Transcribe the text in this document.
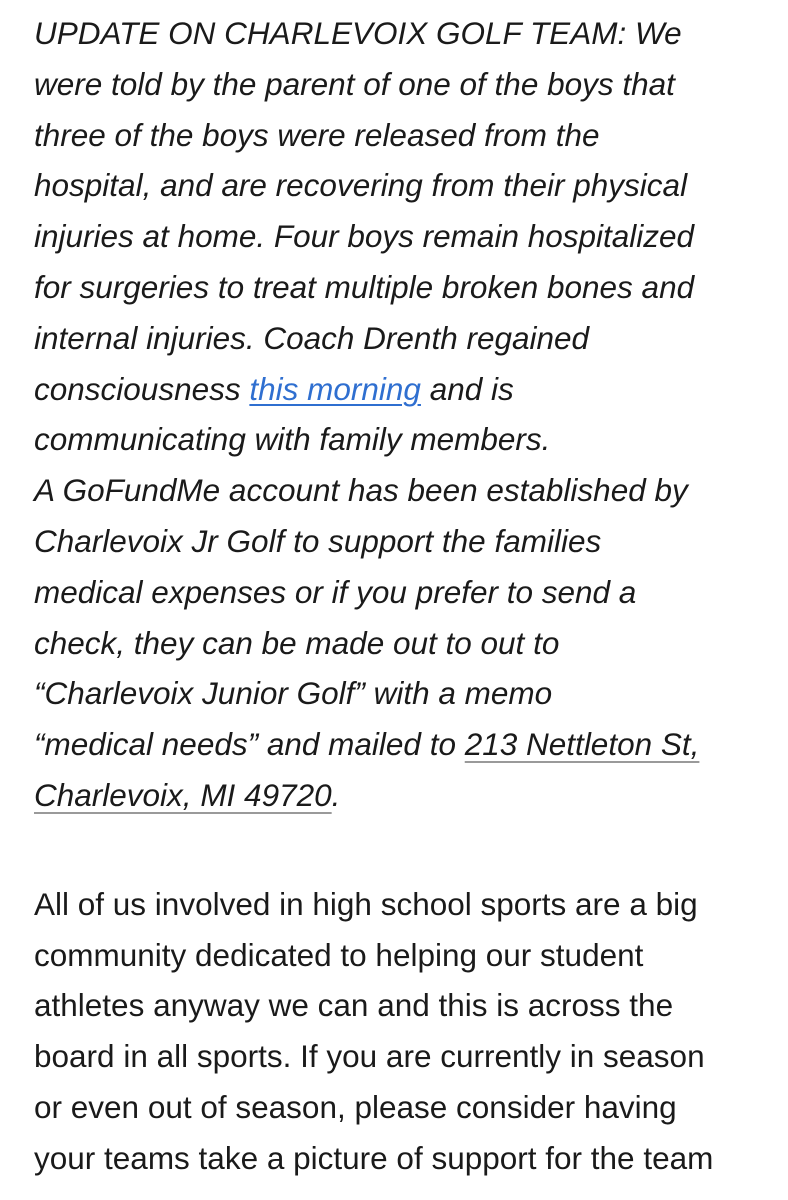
UPDATE ON CHARLEVOIX GOLF TEAM: We
were told by the parent of one of the boys that
three of the boys were released from the
hospital, and are recovering from their physical
injuries at home. Four boys remain hospitalized
for surgeries to treat multiple broken bones and
internal injuries. Coach Drenth regained
consciousness this morning and is
communicating with family members.
A GoFundMe account has been established by
Charlevoix Jr Golf to support the families
medical expenses or if you prefer to send a
check, they can be made out to out to
“Charlevoix Junior Golf” with a memo
“medical needs” and mailed to 213 Nettleton St,
Charlevoix, MI 49720.
All of us involved in high school sports are a big
community dedicated to helping our student
athletes anyway we can and this is across the
board in all sports. If you are currently in season
or even out of season, please consider having
your teams take a picture of support for the team
